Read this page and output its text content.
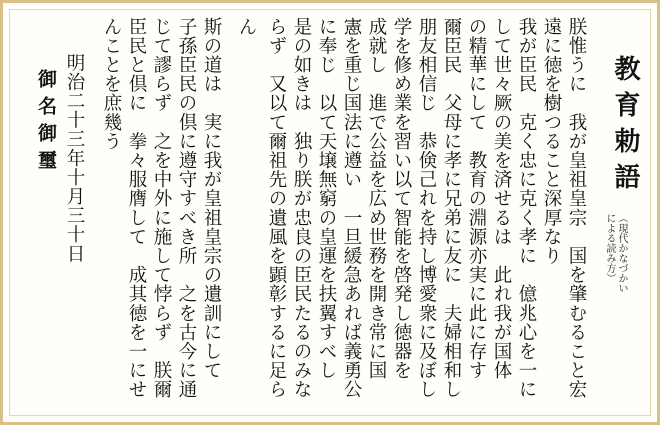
教育勅語
（現代かなづかい
による読み方）
朕惟うに　我が皇祖皇宗　国を肇むること宏
遠に徳を樹つること深厚なり
我が臣民　克く忠に克く孝に　億兆心を一に
して世々厥の美を済せるは　此れ我が国体
の精華にして　教育の淵源亦実に此に存す
爾臣民　父母に孝に兄弟に友に　夫婦相和し
朋友相信じ　恭倹己れを持し博愛衆に及ぼし
学を修め業を習い以て智能を啓発し徳器を
成就し　進で公益を広め世務を開き常に国
憲を重じ国法に遵い　一旦緩急あれば義勇公
に奉じ　以て天壌無窮の皇運を扶翼すべし
是の如きは　独り朕が忠良の臣民たるのみな
らず　又以て爾祖先の遺風を顕彰するに足ら
ん
斯の道は　実に我が皇祖皇宗の遺訓にして
子孫臣民の倶に遵守すべき所　之を古今に通
じて謬らず　之を中外に施して悖らず　朕爾
臣民と倶に　拳々服膺して　成其徳を一にせ
んことを庶幾う
明治二十三年十月三十日
御名御璽
